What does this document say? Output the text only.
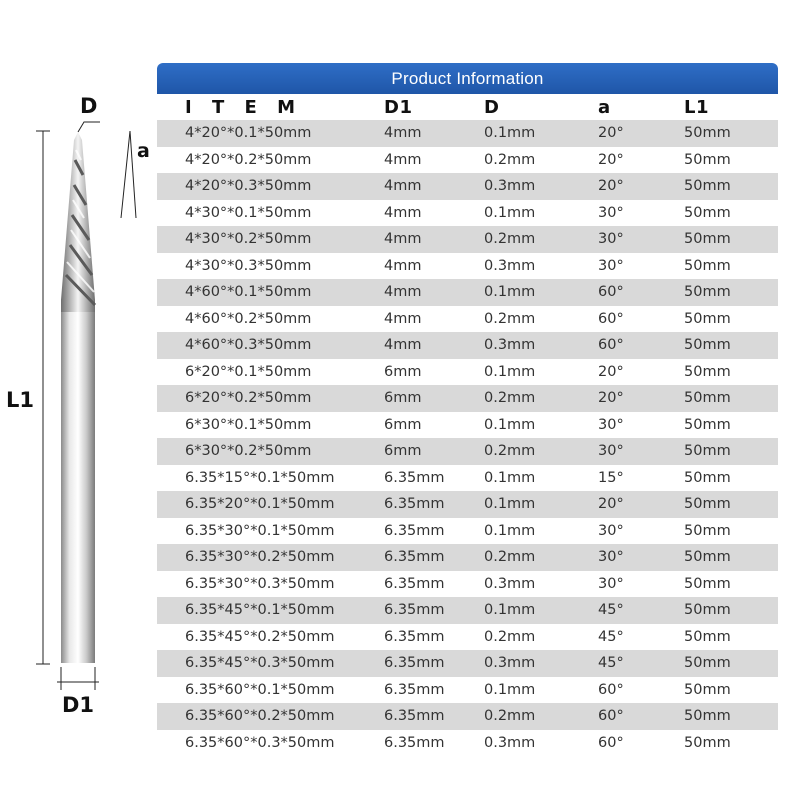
L1
D
a
D1
Product Information
I T E M	D1	D	a	L1
4*20°*0.1*50mm	4mm	0.1mm	20°	50mm
4*20°*0.2*50mm	4mm	0.2mm	20°	50mm
4*20°*0.3*50mm	4mm	0.3mm	20°	50mm
4*30°*0.1*50mm	4mm	0.1mm	30°	50mm
4*30°*0.2*50mm	4mm	0.2mm	30°	50mm
4*30°*0.3*50mm	4mm	0.3mm	30°	50mm
4*60°*0.1*50mm	4mm	0.1mm	60°	50mm
4*60°*0.2*50mm	4mm	0.2mm	60°	50mm
4*60°*0.3*50mm	4mm	0.3mm	60°	50mm
6*20°*0.1*50mm	6mm	0.1mm	20°	50mm
6*20°*0.2*50mm	6mm	0.2mm	20°	50mm
6*30°*0.1*50mm	6mm	0.1mm	30°	50mm
6*30°*0.2*50mm	6mm	0.2mm	30°	50mm
6.35*15°*0.1*50mm	6.35mm	0.1mm	15°	50mm
6.35*20°*0.1*50mm	6.35mm	0.1mm	20°	50mm
6.35*30°*0.1*50mm	6.35mm	0.1mm	30°	50mm
6.35*30°*0.2*50mm	6.35mm	0.2mm	30°	50mm
6.35*30°*0.3*50mm	6.35mm	0.3mm	30°	50mm
6.35*45°*0.1*50mm	6.35mm	0.1mm	45°	50mm
6.35*45°*0.2*50mm	6.35mm	0.2mm	45°	50mm
6.35*45°*0.3*50mm	6.35mm	0.3mm	45°	50mm
6.35*60°*0.1*50mm	6.35mm	0.1mm	60°	50mm
6.35*60°*0.2*50mm	6.35mm	0.2mm	60°	50mm
6.35*60°*0.3*50mm	6.35mm	0.3mm	60°	50mm
